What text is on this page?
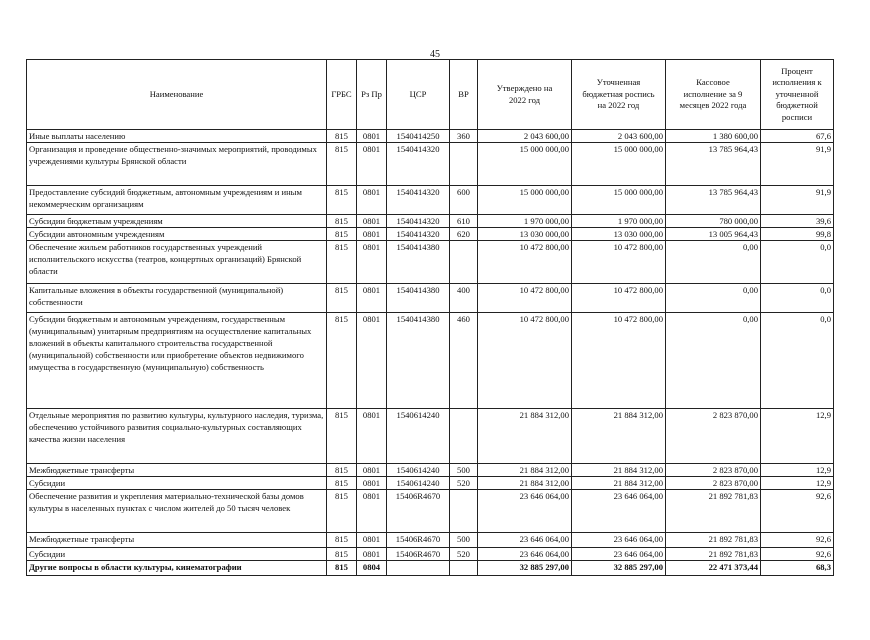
45
Наименование	ГРБС	Рз Пр	ЦСР	ВР	Утверждено на 2022 год	Уточненная бюджетная роспись на 2022 год	Кассовое исполнение за 9 месяцев 2022 года	Процент исполнения к уточненной бюджетной росписи
Иные выплаты населению	815	0801	1540414250	360	2 043 600,00	2 043 600,00	1 380 600,00	67,6
Организация и проведение общественно-значимых мероприятий, проводимых учреждениями культуры Брянской области	815	0801	1540414320		15 000 000,00	15 000 000,00	13 785 964,43	91,9
Предоставление субсидий бюджетным, автономным учреждениям и иным некоммерческим организациям	815	0801	1540414320	600	15 000 000,00	15 000 000,00	13 785 964,43	91,9
Субсидии бюджетным учреждениям	815	0801	1540414320	610	1 970 000,00	1 970 000,00	780 000,00	39,6
Субсидии автономным учреждениям	815	0801	1540414320	620	13 030 000,00	13 030 000,00	13 005 964,43	99,8
Обеспечение жильем работников государственных учреждений исполнительского искусства (театров, концертных организаций) Брянской области	815	0801	1540414380		10 472 800,00	10 472 800,00	0,00	0,0
Капитальные вложения в объекты государственной (муниципальной) собственности	815	0801	1540414380	400	10 472 800,00	10 472 800,00	0,00	0,0
Субсидии бюджетным и автономным учреждениям, государственным (муниципальным) унитарным предприятиям на осуществление капитальных вложений в объекты капитального строительства государственной (муниципальной) собственности или приобретение объектов недвижимого имущества в государственную (муниципальную) собственность	815	0801	1540414380	460	10 472 800,00	10 472 800,00	0,00	0,0
Отдельные мероприятия по развитию культуры, культурного наследия, туризма, обеспечению устойчивого развития социально-культурных составляющих качества жизни населения	815	0801	1540614240		21 884 312,00	21 884 312,00	2 823 870,00	12,9
Межбюджетные трансферты	815	0801	1540614240	500	21 884 312,00	21 884 312,00	2 823 870,00	12,9
Субсидии	815	0801	1540614240	520	21 884 312,00	21 884 312,00	2 823 870,00	12,9
Обеспечение развития и укрепления материально-технической базы домов культуры в населенных пунктах с числом жителей до 50 тысяч человек	815	0801	15406R4670		23 646 064,00	23 646 064,00	21 892 781,83	92,6
Межбюджетные трансферты	815	0801	15406R4670	500	23 646 064,00	23 646 064,00	21 892 781,83	92,6
Субсидии	815	0801	15406R4670	520	23 646 064,00	23 646 064,00	21 892 781,83	92,6
Другие вопросы в области культуры, кинематографии	815	0804			32 885 297,00	32 885 297,00	22 471 373,44	68,3
